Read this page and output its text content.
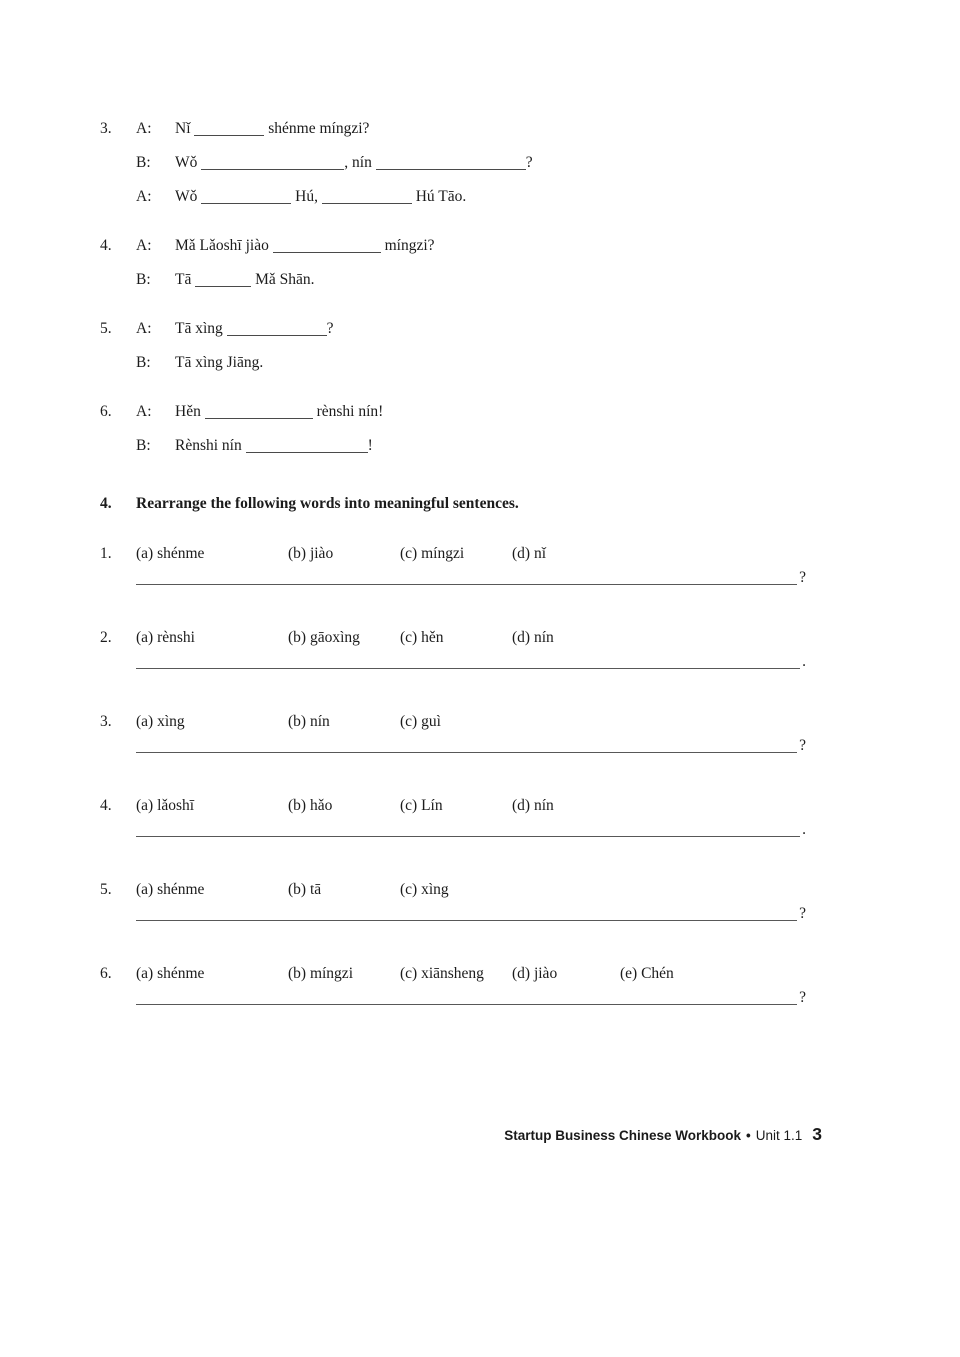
3.	A:	Nǐ	shénme míngzi?
B:	Wǒ	, nín	?
A:	Wǒ	Hú,	Hú Tāo.
4.	A:	Mǎ Lǎoshī jiào	míngzi?
B:	Tā	Mǎ Shān.
5.	A:	Tā xìng	?
B:	Tā xìng Jiāng.
6.	A:	Hěn	rènshi nín!
B:	Rènshi nín	!
4.	Rearrange the following words into meaningful sentences.
1.	(a) shénme	(b) jiào	(c) míngzi	(d) nǐ
?
2.	(a) rènshi	(b) gāoxìng	(c) hěn	(d) nín
.
3.	(a) xìng	(b) nín	(c) guì
?
4.	(a) lǎoshī	(b) hǎo	(c) Lín	(d) nín
.
5.	(a) shénme	(b) tā	(c) xìng
?
6.	(a) shénme	(b) míngzi	(c) xiānsheng	(d) jiào	(e) Chén
?
Startup Business Chinese Workbook • Unit 1.1 3
